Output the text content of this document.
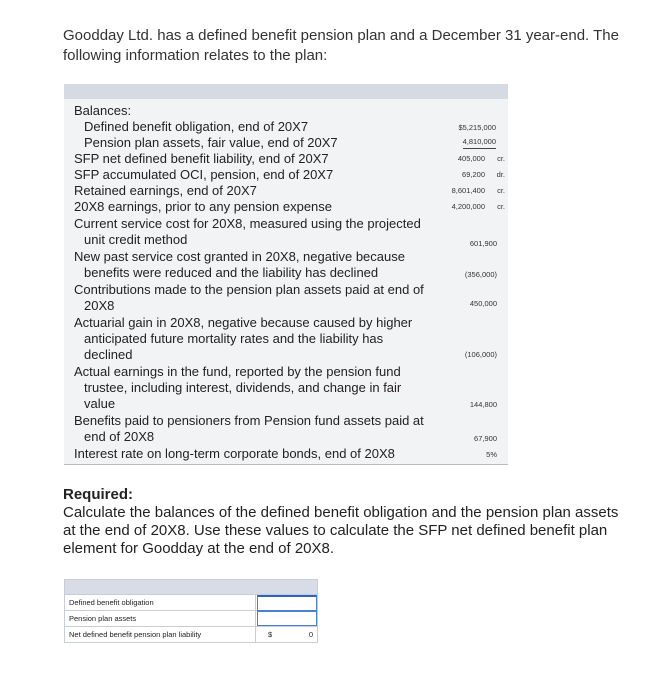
Goodday Ltd. has a defined benefit pension plan and a December 31 year-end. The following information relates to the plan:
Balances:
Defined benefit obligation, end of 20X7	$5,215,000
Pension plan assets, fair value, end of 20X7	4,810,000
SFP net defined benefit liability, end of 20X7	405,000 cr.
SFP accumulated OCI, pension, end of 20X7	69,200 dr.
Retained earnings, end of 20X7	8,601,400 cr.
20X8 earnings, prior to any pension expense	4,200,000 cr.
Current service cost for 20X8, measured using the projected
unit credit method	601,900
New past service cost granted in 20X8, negative because
benefits were reduced and the liability has declined	(356,000)
Contributions made to the pension plan assets paid at end of
20X8	450,000
Actuarial gain in 20X8, negative because caused by higher
anticipated future mortality rates and the liability has
declined	(106,000)
Actual earnings in the fund, reported by the pension fund
trustee, including interest, dividends, and change in fair
value	144,800
Benefits paid to pensioners from Pension fund assets paid at
end of 20X8	67,900
Interest rate on long-term corporate bonds, end of 20X8	5%
Required:
Calculate the balances of the defined benefit obligation and the pension plan assets at the end of 20X8. Use these values to calculate the SFP net defined benefit plan element for Goodday at the end of 20X8.
Defined benefit obligation
Pension plan assets
Net defined benefit pension plan liability	$	0
